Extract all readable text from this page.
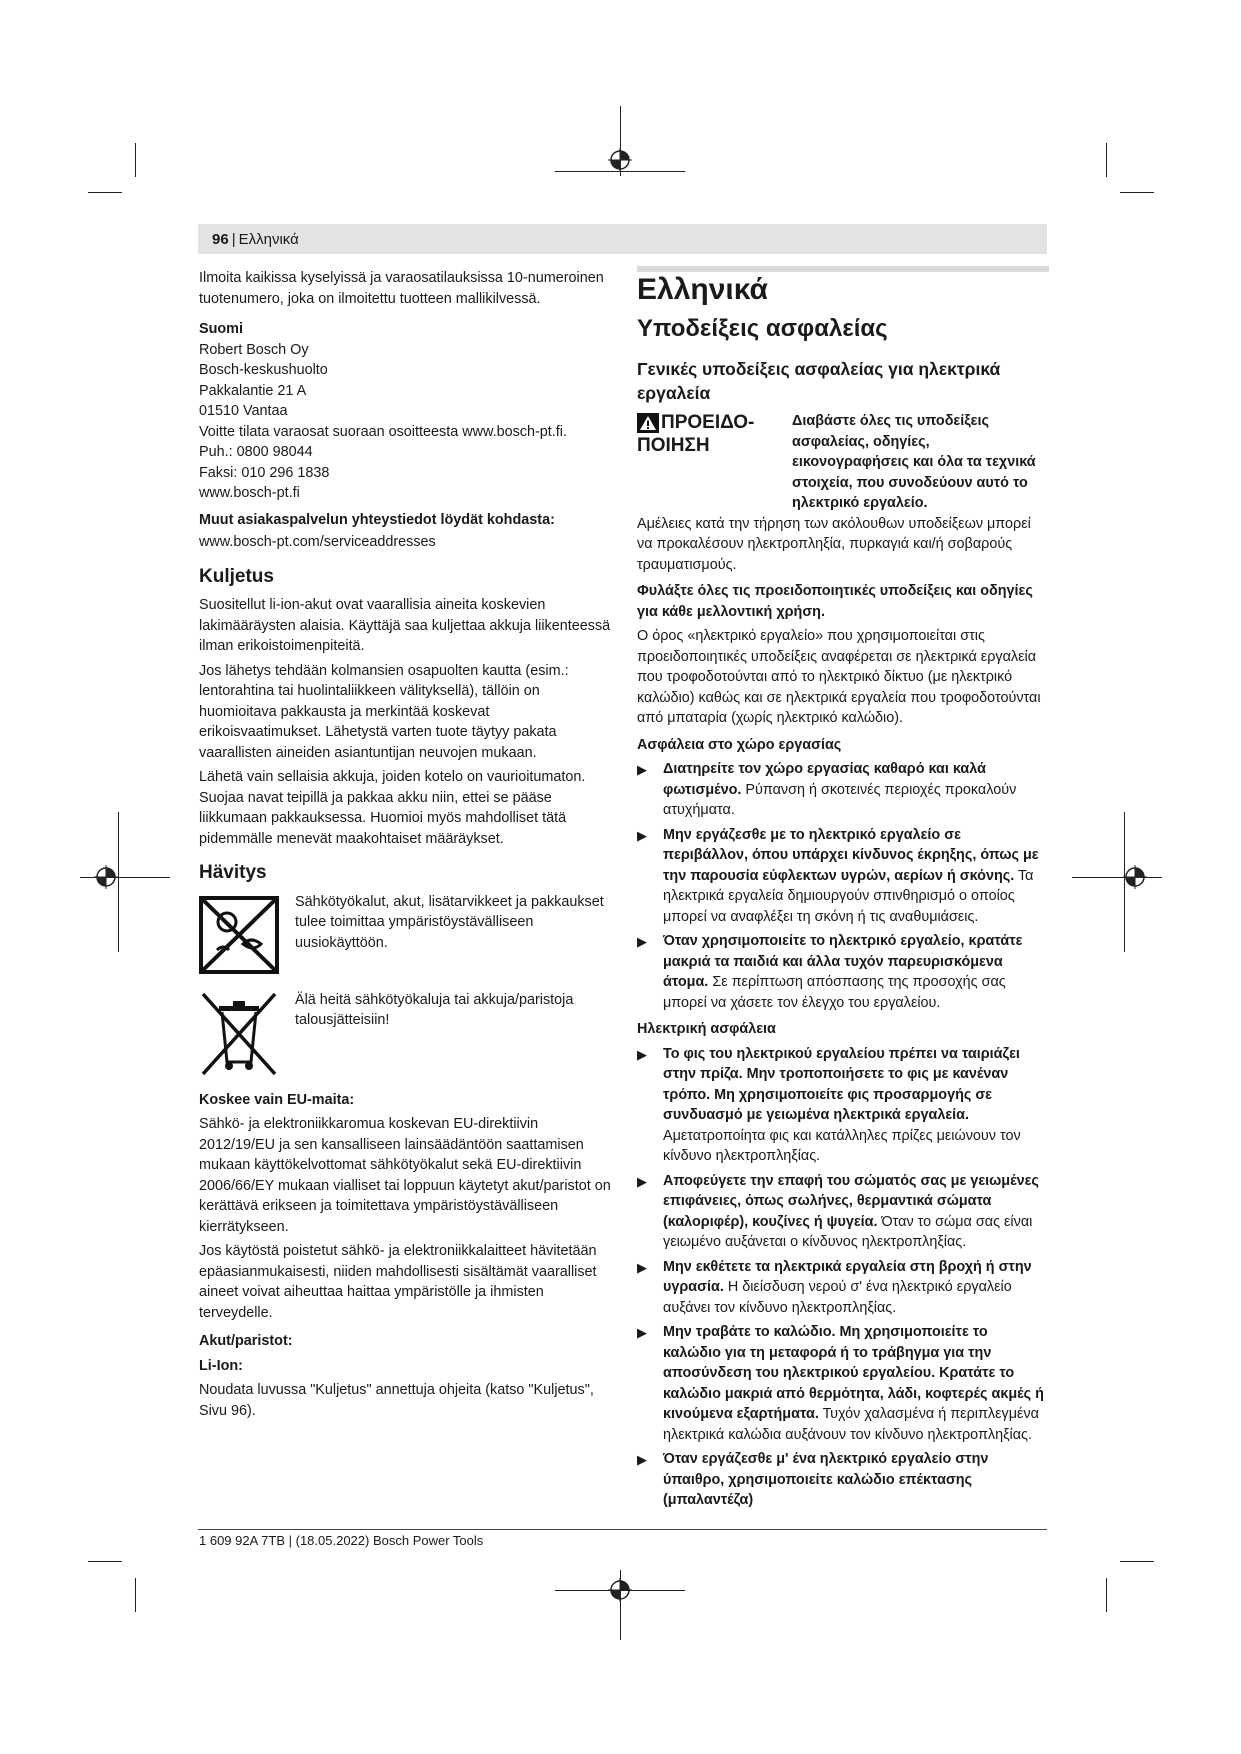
96 | Ελληνικά

Ilmoita kaikissa kyselyissä ja varaosatilauksissa 10-numeroinen tuotenumero, joka on ilmoitettu tuotteen mallikilvessä.

Suomi

Robert Bosch Oy
Bosch-keskushuolto
Pakkalantie 21 A
01510 Vantaa
Voitte tilata varaosat suoraan osoitteesta www.bosch-pt.fi.
Puh.: 0800 98044
Faksi: 010 296 1838
www.bosch-pt.fi

Muut asiakaspalvelun yhteystiedot löydät kohdasta:

www.bosch-pt.com/serviceaddresses

Kuljetus

Suositellut li-ion-akut ovat vaarallisia aineita koskevien lakimääräysten alaisia. Käyttäjä saa kuljettaa akkuja liikenteessä ilman erikoistoimenpiteitä.

Jos lähetys tehdään kolmansien osapuolten kautta (esim.: lentorahtina tai huolintaliikkeen välityksellä), tällöin on huomioitava pakkausta ja merkintää koskevat erikoisvaatimukset. Lähetystä varten tuote täytyy pakata vaarallisten aineiden asiantuntijan neuvojen mukaan.

Lähetä vain sellaisia akkuja, joiden kotelo on vaurioitumaton. Suojaa navat teipillä ja pakkaa akku niin, ettei se pääse liikkumaan pakkauksessa. Huomioi myös mahdolliset tätä pidemmälle menevät maakohtaiset määräykset.

Hävitys
Sähkötyökalut, akut, lisätarvikkeet ja pakkaukset tulee toimittaa ympäristöystävälliseen uusiokäyttöön.
Älä heitä sähkötyökaluja tai akkuja/paristoja talousjätteisiin!

Koskee vain EU-maita:

Sähkö- ja elektroniikkaromua koskevan EU-direktiivin 2012/19/EU ja sen kansalliseen lainsäädäntöön saattamisen mukaan käyttökelvottomat sähkötyökalut sekä EU-direktiivin 2006/66/EY mukaan vialliset tai loppuun käytetyt akut/paristot on kerättävä erikseen ja toimitettava ympäristöystävälliseen kierrätykseen.

Jos käytöstä poistetut sähkö- ja elektroniikkalaitteet hävitetään epäasianmukaisesti, niiden mahdollisesti sisältämät vaaralliset aineet voivat aiheuttaa haittaa ympäristölle ja ihmisten terveydelle.

Akut/paristot:

Li-Ion:

Noudata luvussa "Kuljetus" annettuja ohjeita (katso "Kuljetus", Sivu 96).

Ελληνικά
Υποδείξεις ασφαλείας
Γενικές υποδείξεις ασφαλείας για ηλεκτρικά εργαλεία
ΠΡΟΕΙΔΟ-
ΠΟΙΗΣΗ
Διαβάστε όλες τις υποδείξεις ασφαλείας, οδηγίες, εικονογραφήσεις και όλα τα τεχνικά στοιχεία, που συνοδεύουν αυτό το ηλεκτρικό εργαλείο.

Αμέλειες κατά την τήρηση των ακόλουθων υποδείξεων μπορεί να προκαλέσουν ηλεκτροπληξία, πυρκαγιά και/ή σοβαρούς τραυματισμούς.

Φυλάξτε όλες τις προειδοποιητικές υποδείξεις και οδηγίες για κάθε μελλοντική χρήση.

Ο όρος «ηλεκτρικό εργαλείο» που χρησιμοποιείται στις προειδοποιητικές υποδείξεις αναφέρεται σε ηλεκτρικά εργαλεία που τροφοδοτούνται από το ηλεκτρικό δίκτυο (με ηλεκτρικό καλώδιο) καθώς και σε ηλεκτρικά εργαλεία που τροφοδοτούνται από μπαταρία (χωρίς ηλεκτρικό καλώδιο).

Ασφάλεια στο χώρο εργασίας

▶	Διατηρείτε τον χώρο εργασίας καθαρό και καλά φωτισμένο. Ρύπανση ή σκοτεινές περιοχές προκαλούν ατυχήματα.
▶	Μην εργάζεσθε με το ηλεκτρικό εργαλείο σε περιβάλλον, όπου υπάρχει κίνδυνος έκρηξης, όπως με την παρουσία εύφλεκτων υγρών, αερίων ή σκόνης. Τα ηλεκτρικά εργαλεία δημιουργούν σπινθηρισμό ο οποίος μπορεί να αναφλέξει τη σκόνη ή τις αναθυμιάσεις.
▶	Όταν χρησιμοποιείτε το ηλεκτρικό εργαλείο, κρατάτε μακριά τα παιδιά και άλλα τυχόν παρευρισκόμενα άτομα. Σε περίπτωση απόσπασης της προσοχής σας μπορεί να χάσετε τον έλεγχο του εργαλείου.

Ηλεκτρική ασφάλεια

▶	Το φις του ηλεκτρικού εργαλείου πρέπει να ταιριάζει στην πρίζα. Μην τροποποιήσετε το φις με κανέναν τρόπο. Μη χρησιμοποιείτε φις προσαρμογής σε συνδυασμό με γειωμένα ηλεκτρικά εργαλεία. Αμετατροποίητα φις και κατάλληλες πρίζες μειώνουν τον κίνδυνο ηλεκτροπληξίας.
▶	Αποφεύγετε την επαφή του σώματός σας με γειωμένες επιφάνειες, όπως σωλήνες, θερμαντικά σώματα (καλοριφέρ), κουζίνες ή ψυγεία. Όταν το σώμα σας είναι γειωμένο αυξάνεται ο κίνδυνος ηλεκτροπληξίας.
▶	Μην εκθέτετε τα ηλεκτρικά εργαλεία στη βροχή ή στην υγρασία. Η διείσδυση νερού σ' ένα ηλεκτρικό εργαλείο αυξάνει τον κίνδυνο ηλεκτροπληξίας.
▶	Μην τραβάτε το καλώδιο. Μη χρησιμοποιείτε το καλώδιο για τη μεταφορά ή το τράβηγμα για την αποσύνδεση του ηλεκτρικού εργαλείου. Κρατάτε το καλώδιο μακριά από θερμότητα, λάδι, κοφτερές ακμές ή κινούμενα εξαρτήματα. Τυχόν χαλασμένα ή περιπλεγμένα ηλεκτρικά καλώδια αυξάνουν τον κίνδυνο ηλεκτροπληξίας.
▶	Όταν εργάζεσθε μ' ένα ηλεκτρικό εργαλείο στην ύπαιθρο, χρησιμοποιείτε καλώδιο επέκτασης (μπαλαντέζα)
1 609 92A 7TB | (18.05.2022) Bosch Power Tools
